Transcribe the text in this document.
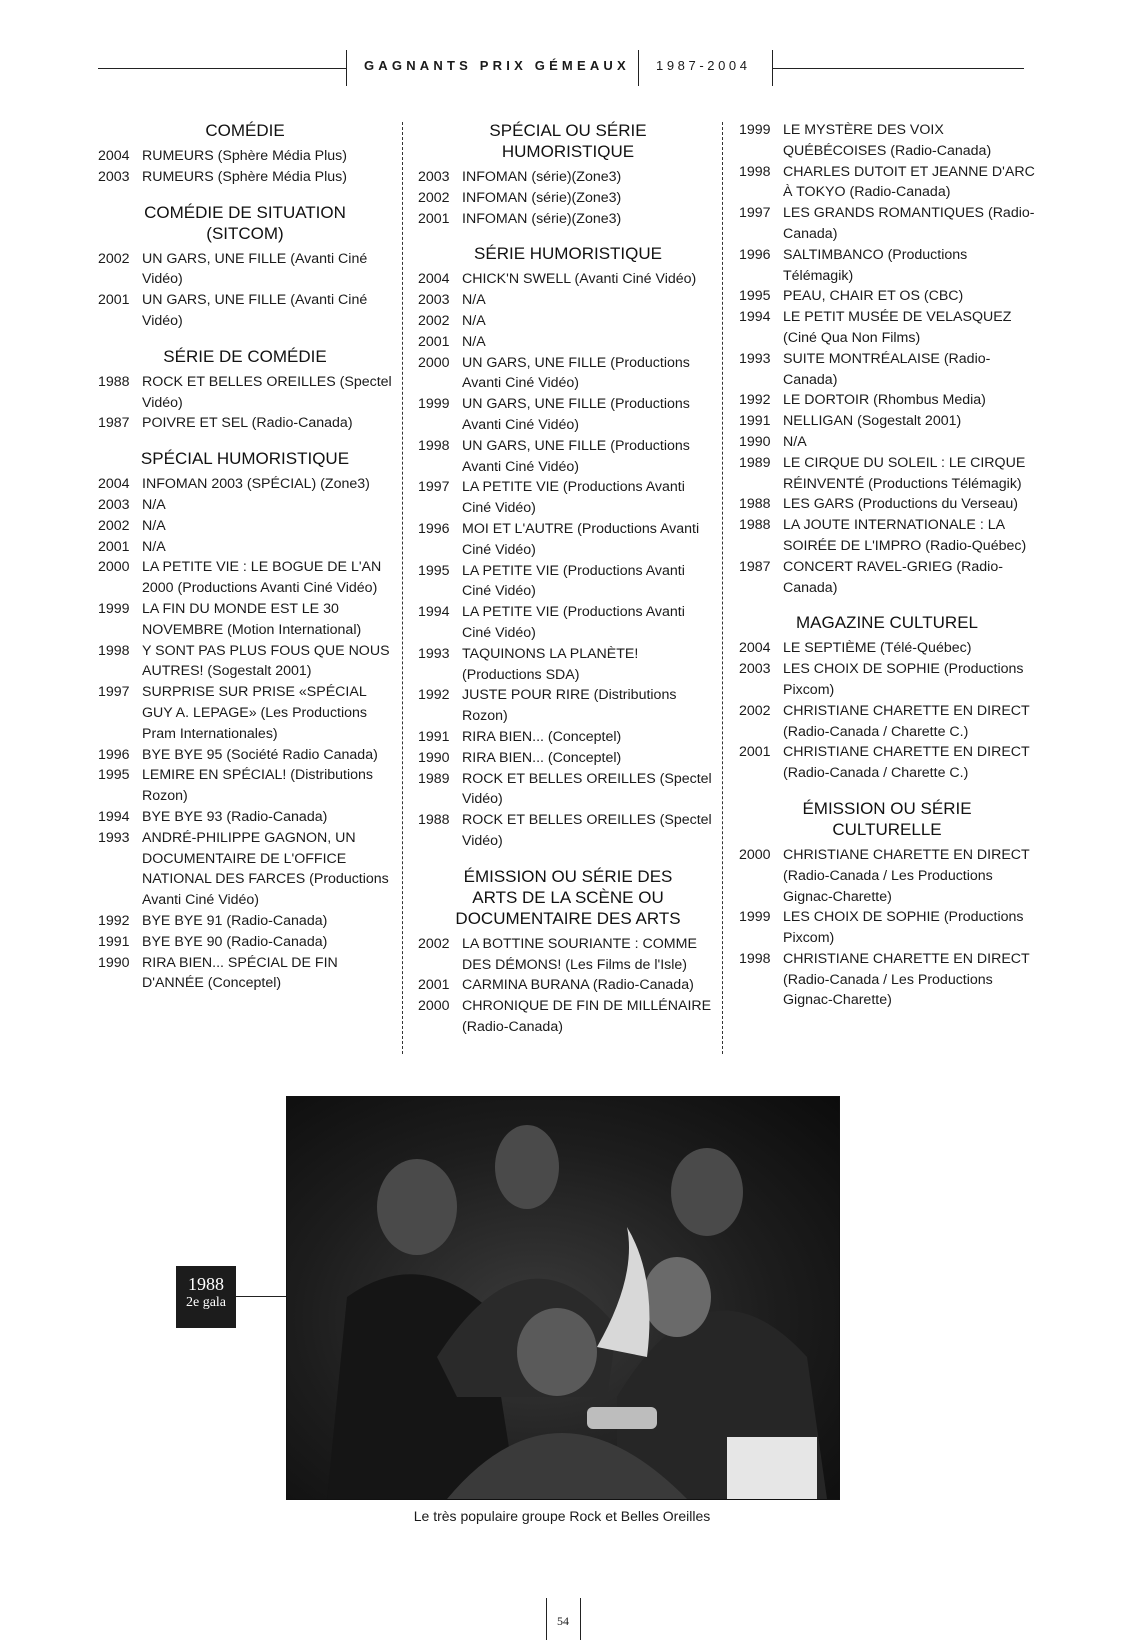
GAGNANTS PRIX GÉMEAUX 1987-2004
COMÉDIE
2004 RUMEURS (Sphère Média Plus)
2003 RUMEURS (Sphère Média Plus)
COMÉDIE DE SITUATION (SITCOM)
2002 UN GARS, UNE FILLE (Avanti Ciné Vidéo)
2001 UN GARS, UNE FILLE (Avanti Ciné Vidéo)
SÉRIE DE COMÉDIE
1988 ROCK ET BELLES OREILLES (Spectel Vidéo)
1987 POIVRE ET SEL (Radio-Canada)
SPÉCIAL HUMORISTIQUE
2004 INFOMAN 2003 (SPÉCIAL) (Zone3)
2003 N/A
2002 N/A
2001 N/A
2000 LA PETITE VIE : LE BOGUE DE L'AN 2000 (Productions Avanti Ciné Vidéo)
1999 LA FIN DU MONDE EST LE 30 NOVEMBRE (Motion International)
1998 Y SONT PAS PLUS FOUS QUE NOUS AUTRES! (Sogestalt 2001)
1997 SURPRISE SUR PRISE «SPÉCIAL GUY A. LEPAGE» (Les Productions Pram Internationales)
1996 BYE BYE 95 (Société Radio Canada)
1995 LEMIRE EN SPÉCIAL! (Distributions Rozon)
1994 BYE BYE 93 (Radio-Canada)
1993 ANDRÉ-PHILIPPE GAGNON, UN DOCUMENTAIRE DE L'OFFICE NATIONAL DES FARCES (Productions Avanti Ciné Vidéo)
1992 BYE BYE 91 (Radio-Canada)
1991 BYE BYE 90 (Radio-Canada)
1990 RIRA BIEN... SPÉCIAL DE FIN D'ANNÉE (Conceptel)
SPÉCIAL OU SÉRIE HUMORISTIQUE
2003 INFOMAN (série)(Zone3)
2002 INFOMAN (série)(Zone3)
2001 INFOMAN (série)(Zone3)
SÉRIE HUMORISTIQUE
2004 CHICK'N SWELL (Avanti Ciné Vidéo)
2003 N/A
2002 N/A
2001 N/A
2000 UN GARS, UNE FILLE (Productions Avanti Ciné Vidéo)
1999 UN GARS, UNE FILLE (Productions Avanti Ciné Vidéo)
1998 UN GARS, UNE FILLE (Productions Avanti Ciné Vidéo)
1997 LA PETITE VIE (Productions Avanti Ciné Vidéo)
1996 MOI ET L'AUTRE (Productions Avanti Ciné Vidéo)
1995 LA PETITE VIE (Productions Avanti Ciné Vidéo)
1994 LA PETITE VIE (Productions Avanti Ciné Vidéo)
1993 TAQUINONS LA PLANÈTE! (Productions SDA)
1992 JUSTE POUR RIRE (Distributions Rozon)
1991 RIRA BIEN... (Conceptel)
1990 RIRA BIEN... (Conceptel)
1989 ROCK ET BELLES OREILLES (Spectel Vidéo)
1988 ROCK ET BELLES OREILLES (Spectel Vidéo)
ÉMISSION OU SÉRIE DES ARTS DE LA SCÈNE OU DOCUMENTAIRE DES ARTS
2002 LA BOTTINE SOURIANTE : COMME DES DÉMONS! (Les Films de l'Isle)
2001 CARMINA BURANA (Radio-Canada)
2000 CHRONIQUE DE FIN DE MILLÉNAIRE (Radio-Canada)
1999 LE MYSTÈRE DES VOIX QUÉBÉCOISES (Radio-Canada)
1998 CHARLES DUTOIT ET JEANNE D'ARC À TOKYO (Radio-Canada)
1997 LES GRANDS ROMANTIQUES (Radio-Canada)
1996 SALTIMBANCO (Productions Télémagik)
1995 PEAU, CHAIR ET OS (CBC)
1994 LE PETIT MUSÉE DE VELASQUEZ (Ciné Qua Non Films)
1993 SUITE MONTRÉALAISE (Radio-Canada)
1992 LE DORTOIR (Rhombus Media)
1991 NELLIGAN (Sogestalt 2001)
1990 N/A
1989 LE CIRQUE DU SOLEIL : LE CIRQUE RÉINVENTÉ (Productions Télémagik)
1988 LES GARS (Productions du Verseau)
1988 LA JOUTE INTERNATIONALE : LA SOIRÉE DE L'IMPRO (Radio-Québec)
1987 CONCERT RAVEL-GRIEG (Radio-Canada)
MAGAZINE CULTUREL
2004 LE SEPTIÈME (Télé-Québec)
2003 LES CHOIX DE SOPHIE (Productions Pixcom)
2002 CHRISTIANE CHARETTE EN DIRECT (Radio-Canada / Charette C.)
2001 CHRISTIANE CHARETTE EN DIRECT (Radio-Canada / Charette C.)
ÉMISSION OU SÉRIE CULTURELLE
2000 CHRISTIANE CHARETTE EN DIRECT (Radio-Canada / Les Productions Gignac-Charette)
1999 LES CHOIX DE SOPHIE (Productions Pixcom)
1998 CHRISTIANE CHARETTE EN DIRECT (Radio-Canada / Les Productions Gignac-Charette)
1988
2e gala
Le très populaire groupe Rock et Belles Oreilles
54
